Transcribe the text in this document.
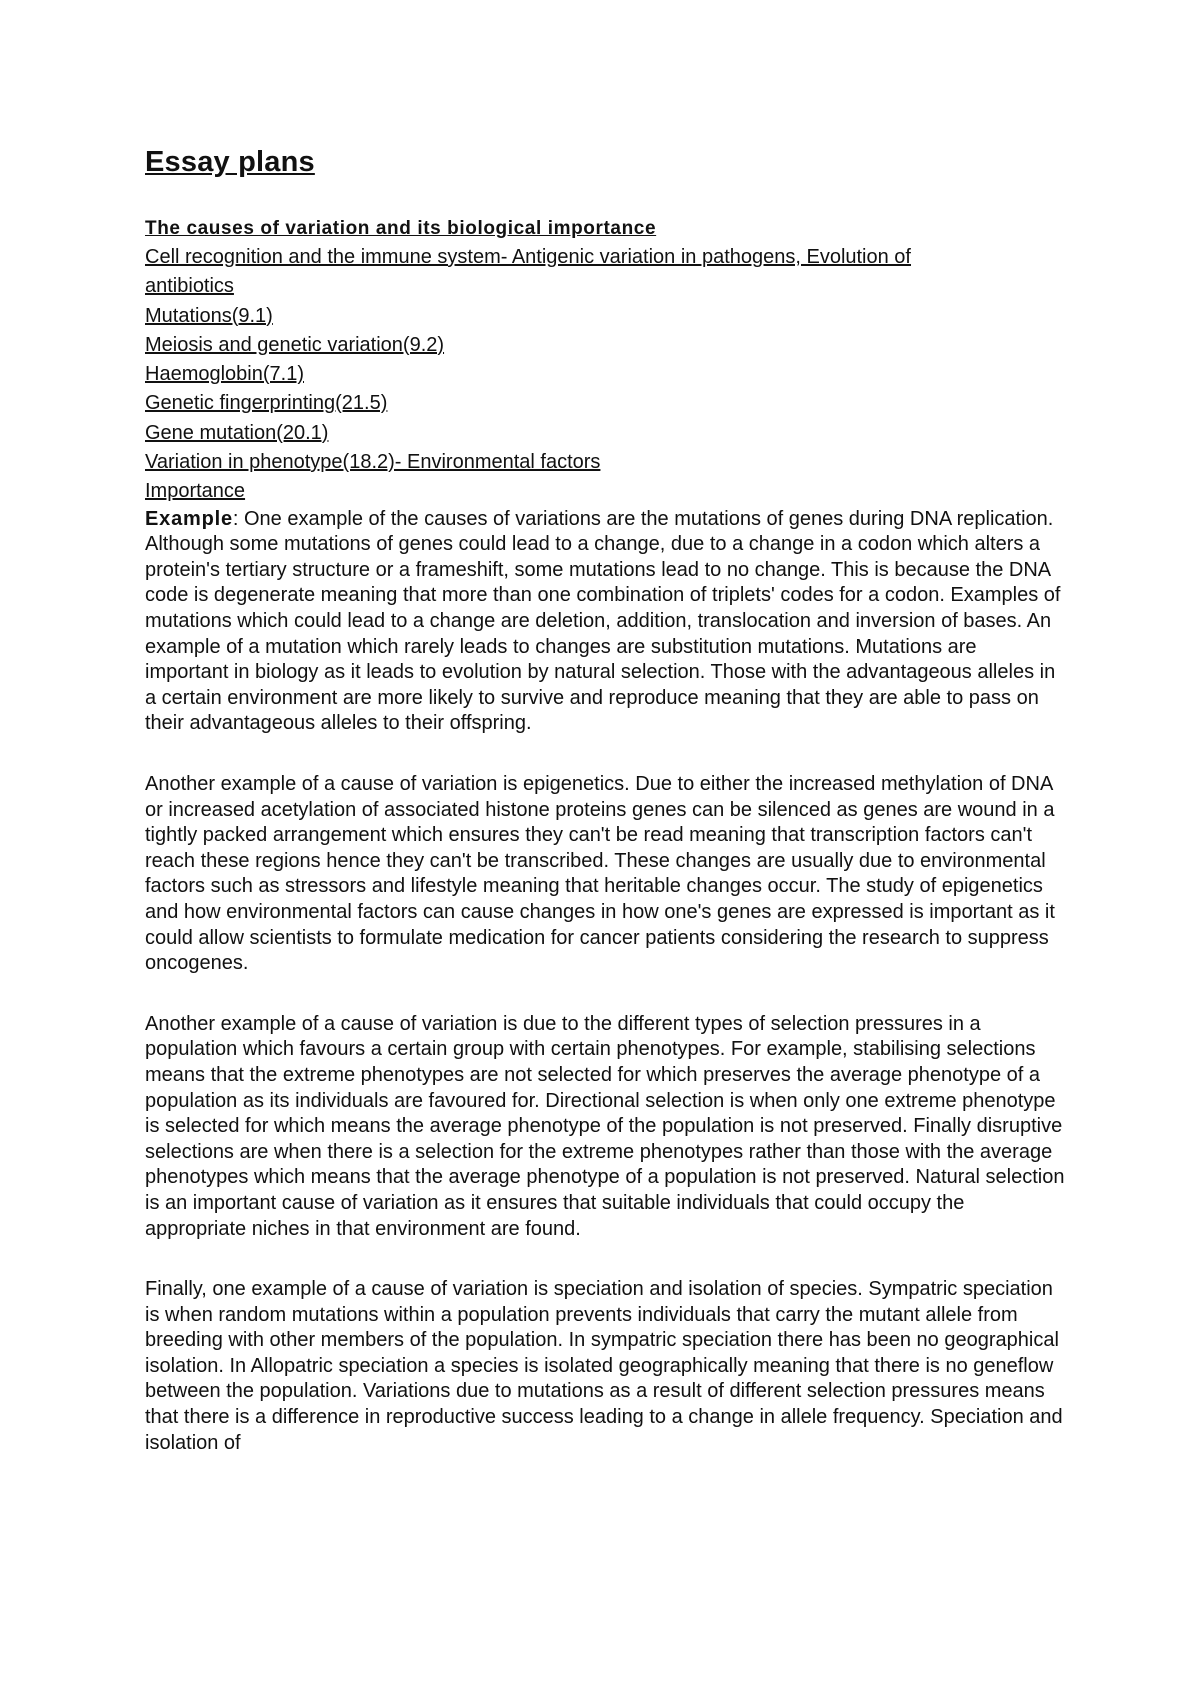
Essay plans
The causes of variation and its biological importance
Cell recognition and the immune system- Antigenic variation in pathogens, Evolution of
antibiotics
Mutations(9.1)
Meiosis and genetic variation(9.2)
Haemoglobin(7.1)
Genetic fingerprinting(21.5)
Gene mutation(20.1)
Variation in phenotype(18.2)- Environmental factors
Importance

Example: One example of the causes of variations are the mutations of genes during DNA replication. Although some mutations of genes could lead to a change, due to a change in a codon which alters a protein's tertiary structure or a frameshift, some mutations lead to no change. This is because the DNA code is degenerate meaning that more than one combination of triplets' codes for a codon. Examples of mutations which could lead to a change are deletion, addition, translocation and inversion of bases. An example of a mutation which rarely leads to changes are substitution mutations. Mutations are important in biology as it leads to evolution by natural selection. Those with the advantageous alleles in a certain environment are more likely to survive and reproduce meaning that they are able to pass on their advantageous alleles to their offspring.

Another example of a cause of variation is epigenetics. Due to either the increased methylation of DNA or increased acetylation of associated histone proteins genes can be silenced as genes are wound in a tightly packed arrangement which ensures they can't be read meaning that transcription factors can't reach these regions hence they can't be transcribed. These changes are usually due to environmental factors such as stressors and lifestyle meaning that heritable changes occur. The study of epigenetics and how environmental factors can cause changes in how one's genes are expressed is important as it could allow scientists to formulate medication for cancer patients considering the research to suppress oncogenes.

Another example of a cause of variation is due to the different types of selection pressures in a population which favours a certain group with certain phenotypes. For example, stabilising selections means that the extreme phenotypes are not selected for which preserves the average phenotype of a population as its individuals are favoured for. Directional selection is when only one extreme phenotype is selected for which means the average phenotype of the population is not preserved. Finally disruptive selections are when there is a selection for the extreme phenotypes rather than those with the average phenotypes which means that the average phenotype of a population is not preserved. Natural selection is an important cause of variation as it ensures that suitable individuals that could occupy the appropriate niches in that environment are found.

Finally, one example of a cause of variation is speciation and isolation of species. Sympatric speciation is when random mutations within a population prevents individuals that carry the mutant allele from breeding with other members of the population. In sympatric speciation there has been no geographical isolation. In Allopatric speciation a species is isolated geographically meaning that there is no geneflow between the population. Variations due to mutations as a result of different selection pressures means that there is a difference in reproductive success leading to a change in allele frequency. Speciation and isolation of
